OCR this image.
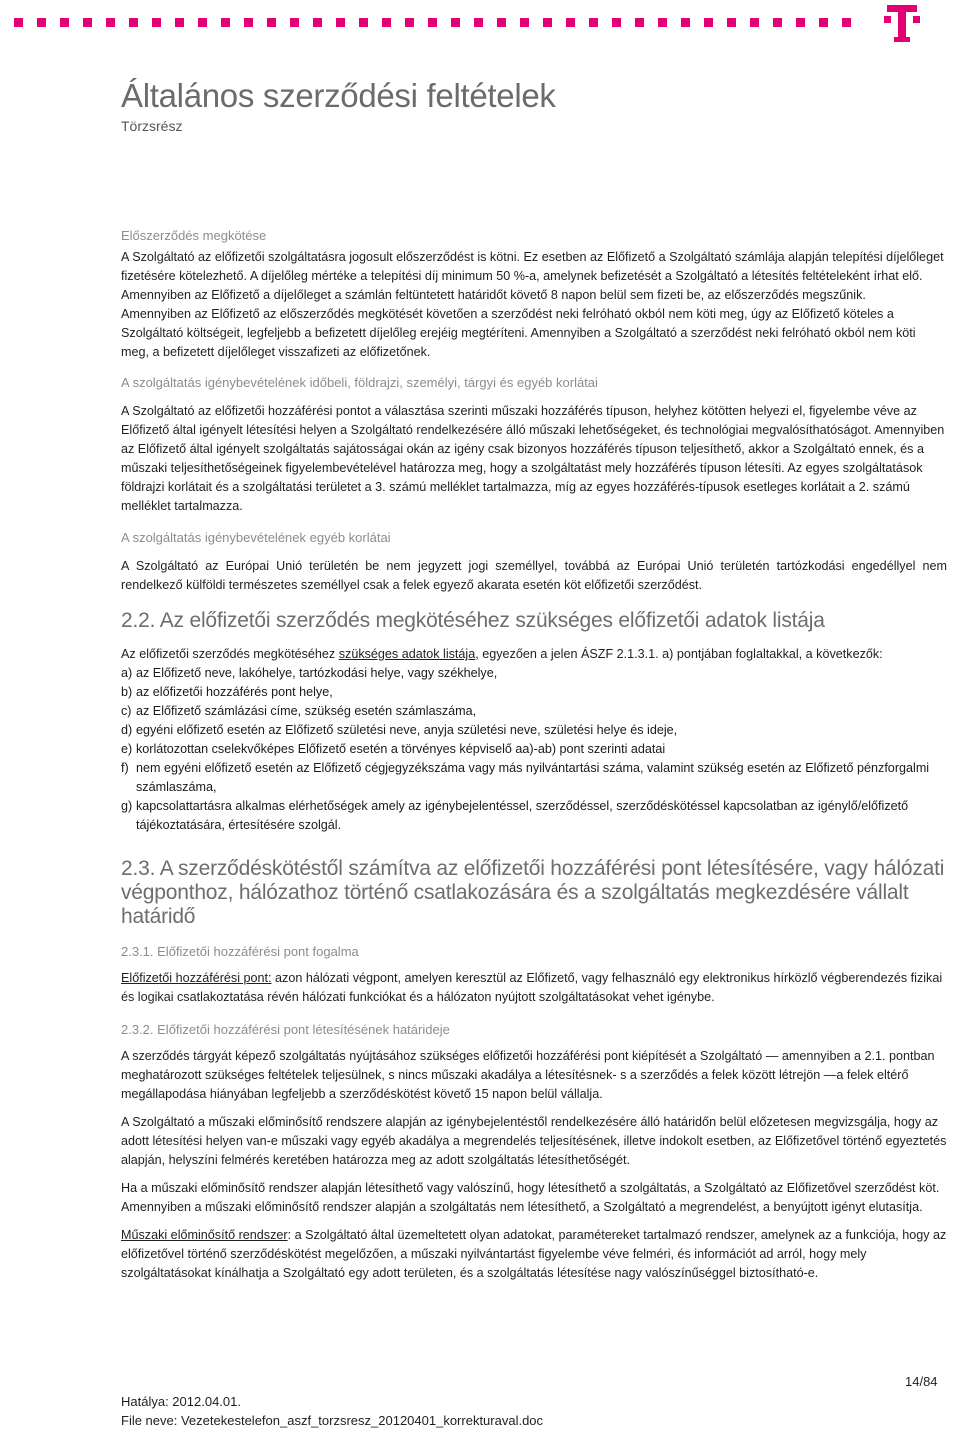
Általános szerződési feltételek
Törzsrész
Előszerződés megkötése

A Szolgáltató az előfizetői szolgáltatásra jogosult előszerződést is kötni. Ez esetben az Előfizető a Szolgáltató számlája alapján telepítési díjelőleget fizetésére kötelezhető. A díjelőleg mértéke a telepítési díj minimum 50 %-a, amelynek befizetését a Szolgáltató a létesítés feltételeként írhat elő. Amennyiben az Előfizető a díjelőleget a számlán feltüntetett határidőt követő 8 napon belül sem fizeti be, az előszerződés megszűnik.

Amennyiben az Előfizető az előszerződés megkötését követően a szerződést neki felróható okból nem köti meg, úgy az Előfizető köteles a Szolgáltató költségeit, legfeljebb a befizetett díjelőleg erejéig megtéríteni. Amennyiben a Szolgáltató a szerződést neki felróható okból nem köti meg, a befizetett díjelőleget visszafizeti az előfizetőnek.

A szolgáltatás igénybevételének időbeli, földrajzi, személyi, tárgyi és egyéb korlátai

A Szolgáltató az előfizetői hozzáférési pontot a választása szerinti műszaki hozzáférés típuson, helyhez kötötten helyezi el, figyelembe véve az Előfizető által igényelt létesítési helyen a Szolgáltató rendelkezésére álló műszaki lehetőségeket, és technológiai megvalósíthatóságot. Amennyiben az Előfizető által igényelt szolgáltatás sajátosságai okán az igény csak bizonyos hozzáférés típuson teljesíthető, akkor a Szolgáltató ennek, és a műszaki teljesíthetőségeinek figyelembevételével határozza meg, hogy a szolgáltatást mely hozzáférés típuson létesíti. Az egyes szolgáltatások földrajzi korlátait és a szolgáltatási területet a 3. számú melléklet tartalmazza, míg az egyes hozzáférés-típusok esetleges korlátait a 2. számú melléklet tartalmazza.

A szolgáltatás igénybevételének egyéb korlátai

A Szolgáltató az Európai Unió területén be nem jegyzett jogi személlyel, továbbá az Európai Unió területén tartózkodási engedéllyel nem rendelkező külföldi természetes személlyel csak a felek egyező akarata esetén köt előfizetői szerződést.

2.2. Az előfizetői szerződés megkötéséhez szükséges előfizetői adatok listája

Az előfizetői szerződés megkötéséhez szükséges adatok listája, egyezően a jelen ÁSZF 2.1.3.1. a) pontjában foglaltakkal, a következők:

a) az Előfizető neve, lakóhelye, tartózkodási helye, vagy székhelye,
b) az előfizetői hozzáférés pont helye,
c) az Előfizető számlázási címe, szükség esetén számlaszáma,
d) egyéni előfizető esetén az Előfizető születési neve, anyja születési neve, születési helye és ideje,
e) korlátozottan cselekvőképes Előfizető esetén a törvényes képviselő aa)-ab) pont szerinti adatai
f) nem egyéni előfizető esetén az Előfizető cégjegyzékszáma vagy más nyilvántartási száma, valamint szükség esetén az Előfizető pénzforgalmi számlaszáma,
g) kapcsolattartásra alkalmas elérhetőségek amely az igénybejelentéssel, szerződéssel, szerződéskötéssel kapcsolatban az igénylő/előfizető tájékoztatására, értesítésére szolgál.
2.3. A szerződéskötéstől számítva az előfizetői hozzáférési pont létesítésére, vagy hálózati végponthoz, hálózathoz történő csatlakozására és a szolgáltatás megkezdésére vállalt határidő
2.3.1. Előfizetői hozzáférési pont fogalma

Előfizetői hozzáférési pont: azon hálózati végpont, amelyen keresztül az Előfizető, vagy felhasználó egy elektronikus hírközlő végberendezés fizikai és logikai csatlakoztatása révén hálózati funkciókat és a hálózaton nyújtott szolgáltatásokat vehet igénybe.

2.3.2. Előfizetői hozzáférési pont létesítésének határideje

A szerződés tárgyát képező szolgáltatás nyújtásához szükséges előfizetői hozzáférési pont kiépítését a Szolgáltató — amennyiben a 2.1. pontban meghatározott szükséges feltételek teljesülnek, s nincs műszaki akadálya a létesítésnek- s a szerződés a felek között létrejön —a felek eltérő megállapodása hiányában legfeljebb a szerződéskötést követő 15 napon belül vállalja.

A Szolgáltató a műszaki előminősítő rendszere alapján az igénybejelentéstől rendelkezésére álló határidőn belül előzetesen megvizsgálja, hogy az adott létesítési helyen van-e műszaki vagy egyéb akadálya a megrendelés teljesítésének, illetve indokolt esetben, az Előfizetővel történő egyeztetés alapján, helyszíni felmérés keretében határozza meg az adott szolgáltatás létesíthetőségét.

Ha a műszaki előminősítő rendszer alapján létesíthető vagy valószínű, hogy létesíthető a szolgáltatás, a Szolgáltató az Előfizetővel szerződést köt. Amennyiben a műszaki előminősítő rendszer alapján a szolgáltatás nem létesíthető, a Szolgáltató a megrendelést, a benyújtott igényt elutasítja.

Műszaki előminősítő rendszer: a Szolgáltató által üzemeltetett olyan adatokat, paramétereket tartalmazó rendszer, amelynek az a funkciója, hogy az előfizetővel történő szerződéskötést megelőzően, a műszaki nyilvántartást figyelembe véve felméri, és információt ad arról, hogy mely szolgáltatásokat kínálhatja a Szolgáltató egy adott területen, és a szolgáltatás létesítése nagy valószínűséggel biztosítható-e.

14/84
Hatálya: 2012.04.01.
File neve: Vezetekestelefon_aszf_torzsresz_20120401_korrekturaval.doc
